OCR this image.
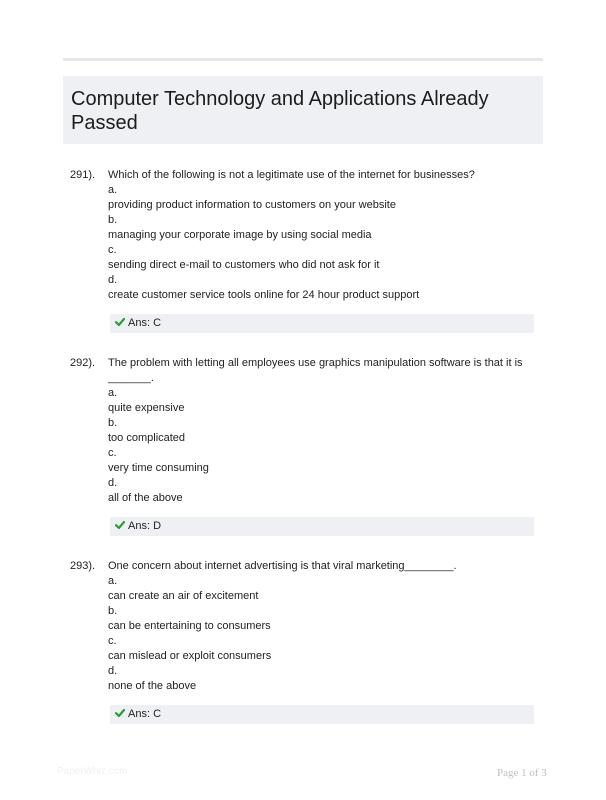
Computer Technology and Applications Already Passed
291). Which of the following is not a legitimate use of the internet for businesses?
a.
providing product information to customers on your website
b.
managing your corporate image by using social media
c.
sending direct e-mail to customers who did not ask for it
d.
create customer service tools online for 24 hour product support
Ans: C
292). The problem with letting all employees use graphics manipulation software is that it is _______.
a.
quite expensive
b.
too complicated
c.
very time consuming
d.
all of the above
Ans: D
293). One concern about internet advertising is that viral marketing________.
a.
can create an air of excitement
b.
can be entertaining to consumers
c.
can mislead or exploit consumers
d.
none of the above
Ans: C
PaperWhiz.com	Page 1 of 3
